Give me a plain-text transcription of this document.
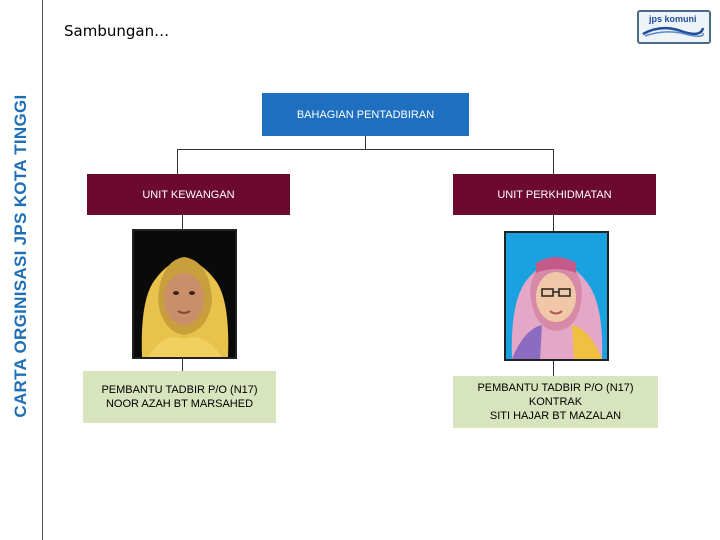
CARTA ORGINISASI JPS KOTA TINGGI
Sambungan…
jps komuni
BAHAGIAN PENTADBIRAN
UNIT KEWANGAN	UNIT PERKHIDMATAN
PEMBANTU TADBIR P/O (N17)
NOOR AZAH BT MARSAHED
PEMBANTU TADBIR P/O (N17)
KONTRAK
SITI HAJAR BT MAZALAN
